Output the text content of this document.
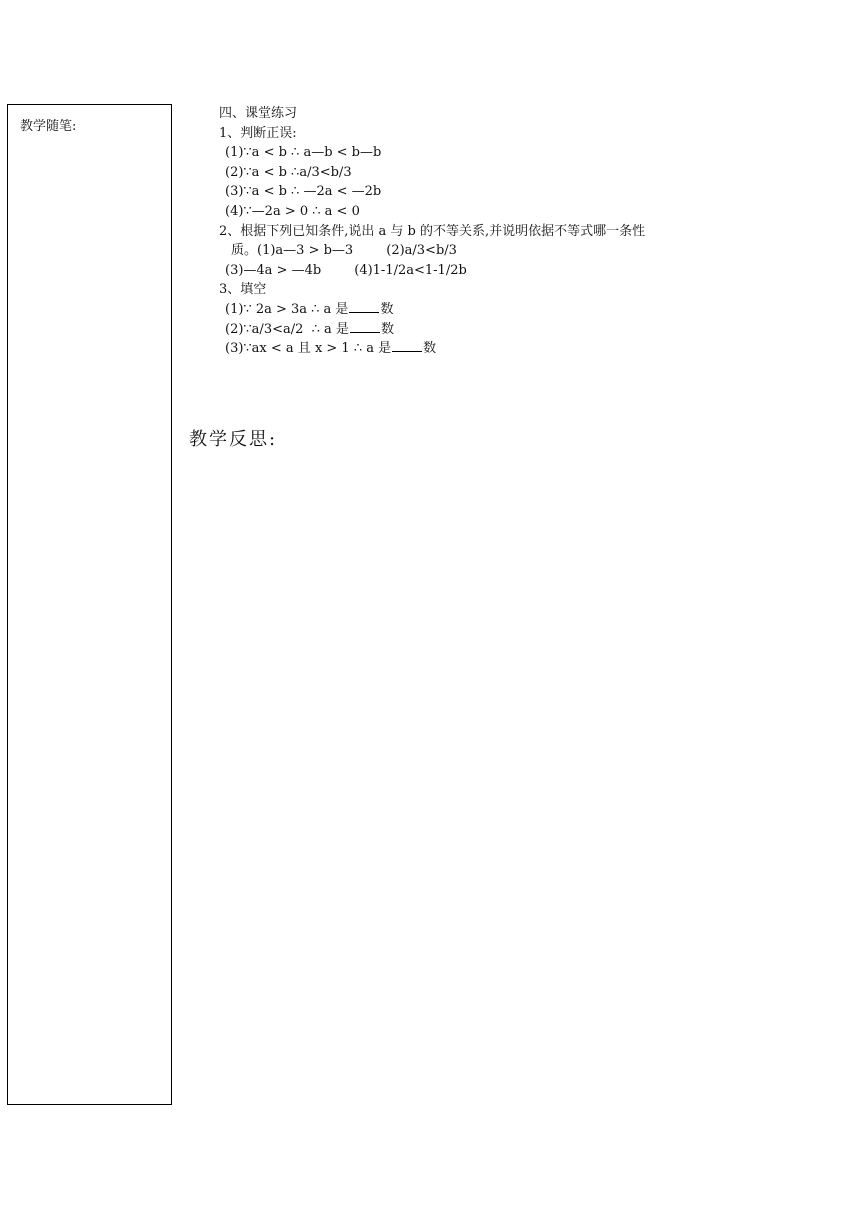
教学随笔:
四、课堂练习
1、判断正误:
(1)∵a < b ∴ a—b < b—b
(2)∵a < b ∴a/3<b/3
(3)∵a < b ∴ —2a < —2b
(4)∵—2a > 0 ∴ a < 0
2、根据下列已知条件,说出 a 与 b 的不等关系,并说明依据不等式哪一条性
质。(1)a—3 > b—3        (2)a/3<b/3
(3)—4a > —4b        (4)1-1/2a<1-1/2b
3、填空
(1)∵ 2a > 3a ∴ a 是 数
(2)∵a/3<a/2  ∴ a 是 数
(3)∵ax < a 且 x > 1 ∴ a 是 数
教学反思:
